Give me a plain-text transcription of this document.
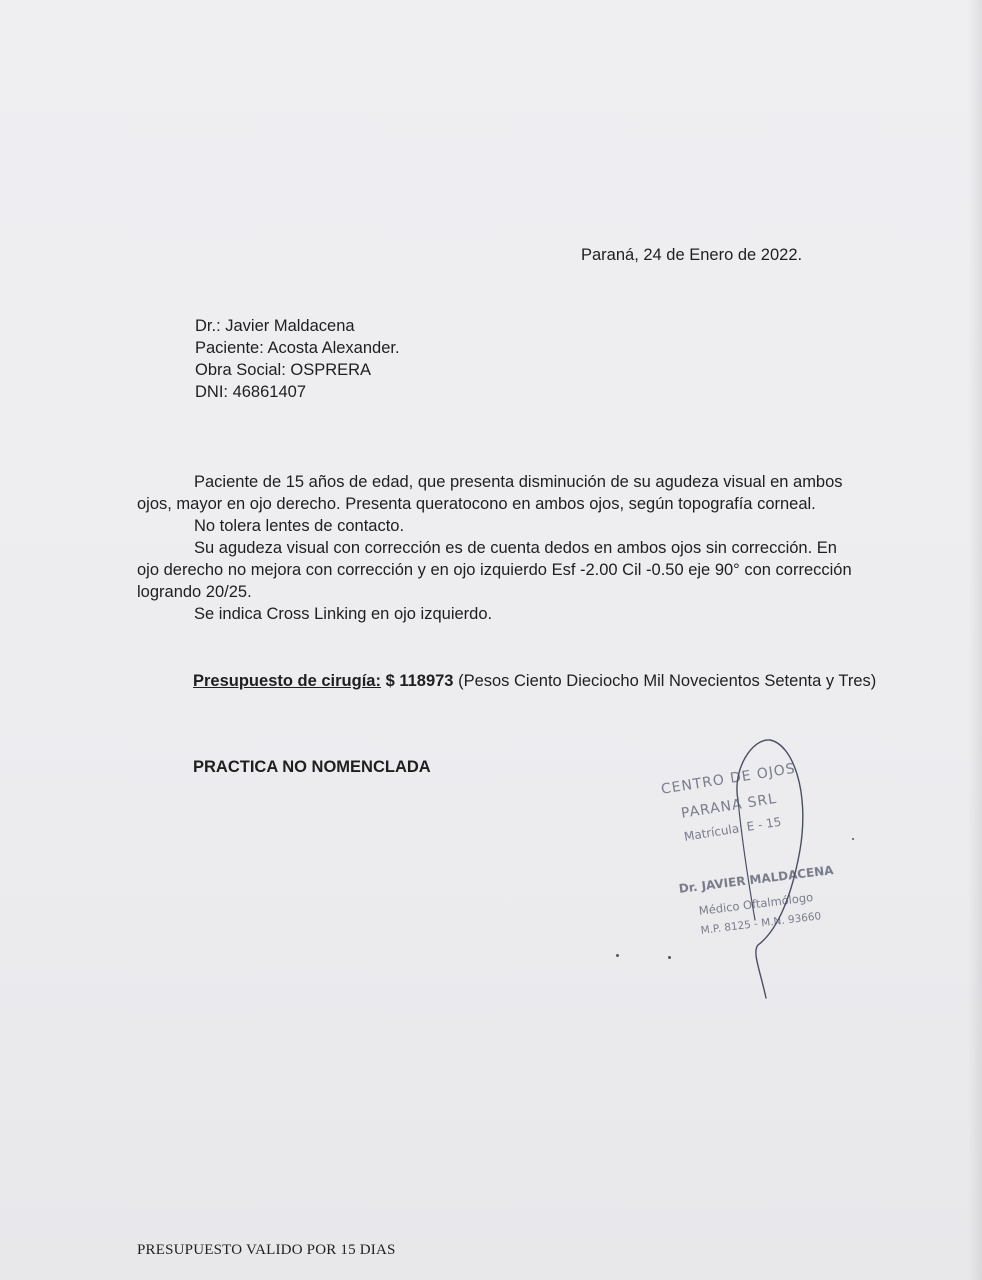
Paraná, 24 de Enero de 2022.
Dr.: Javier Maldacena
Paciente: Acosta Alexander.
Obra Social: OSPRERA
DNI: 46861407

Paciente de 15 años de edad, que presenta disminución de su agudeza visual en ambos ojos, mayor en ojo derecho. Presenta queratocono en ambos ojos, según topografía corneal.

No tolera lentes de contacto.

Su agudeza visual con corrección es de cuenta dedos en ambos ojos sin corrección. En ojo derecho no mejora con corrección y en ojo izquierdo Esf -2.00 Cil -0.50 eje 90° con corrección logrando 20/25.

Se indica Cross Linking en ojo izquierdo.

Presupuesto de cirugía: $ 118973 (Pesos Ciento Dieciocho Mil Novecientos Setenta y Tres)
PRACTICA NO NOMENCLADA	CENTRO DE OJOS
PARANA SRL
Matrícula: E - 15
Dr. JAVIER MALDACENA
Médico Oftalmólogo
M.P. 8125 - M.N. 93660
PRESUPUESTO VALIDO POR 15 DIAS
